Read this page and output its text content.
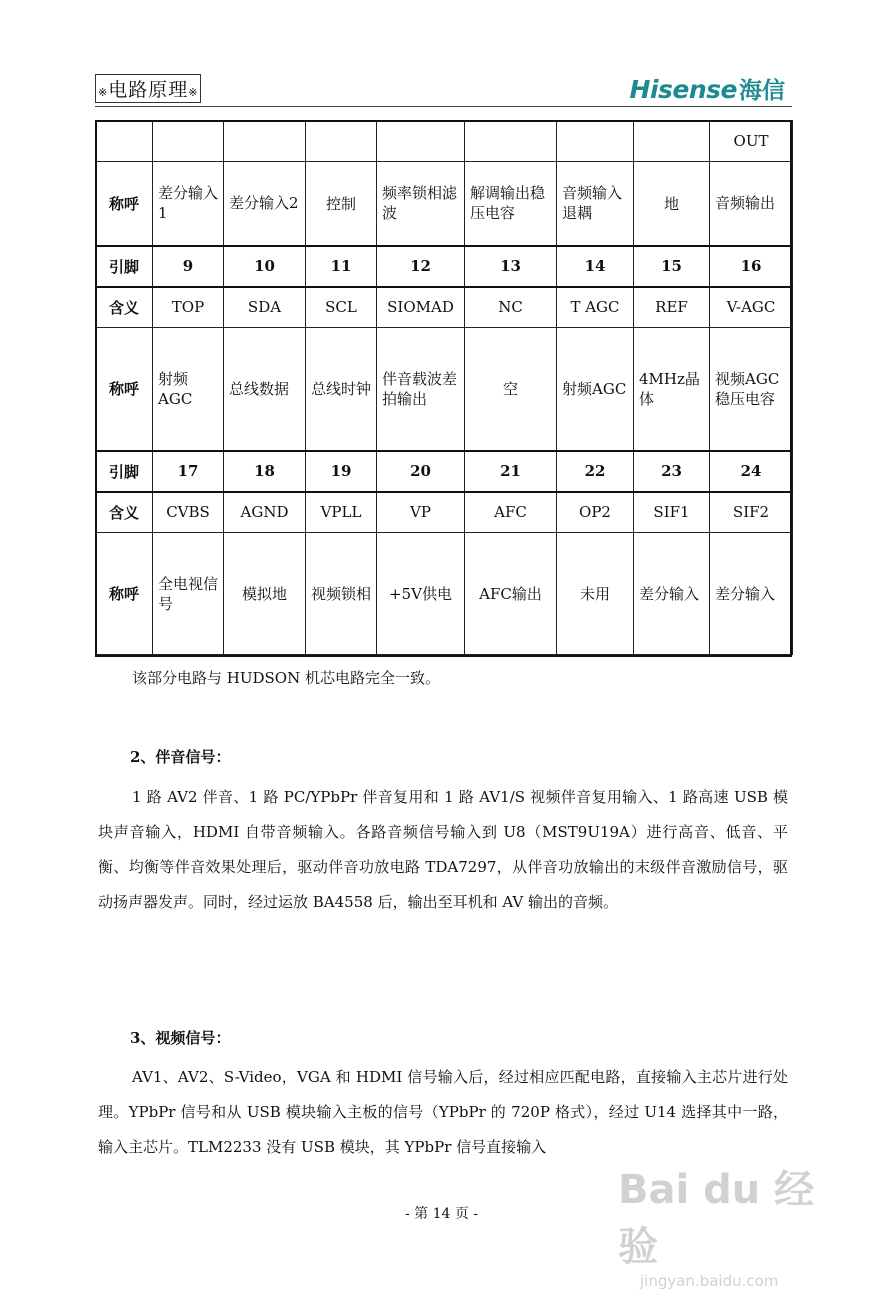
※电路原理※	Hisense 海信
								OUT
称呼	差分输入1	差分输入2	控制	频率锁相滤波	解调输出稳压电容	音频输入退耦	地	音频输出
引脚	9	10	11	12	13	14	15	16
含义	TOP	SDA	SCL	SIOMAD	NC	T AGC	REF	V-AGC
称呼	射频AGC	总线数据	总线时钟	伴音载波差拍输出	空	射频AGC	4MHz晶体	视频AGC稳压电容
引脚	17	18	19	20	21	22	23	24
含义	CVBS	AGND	VPLL	VP	AFC	OP2	SIF1	SIF2
称呼	全电视信号	模拟地	视频锁相	+5V供电	AFC输出	未用	差分输入	差分输入

该部分电路与 HUDSON 机芯电路完全一致。

2、伴音信号：

1 路 AV2 伴音、1 路 PC/YPbPr 伴音复用和 1 路 AV1/S 视频伴音复用输入、1 路高速 USB 模块声音输入，HDMI 自带音频输入。各路音频信号输入到 U8（MST9U19A）进行高音、低音、平衡、均衡等伴音效果处理后，驱动伴音功放电路 TDA7297，从伴音功放输出的末级伴音激励信号，驱动扬声器发声。同时，经过运放 BA4558 后，输出至耳机和 AV 输出的音频。

3、视频信号：

AV1、AV2、S-Video，VGA 和 HDMI 信号输入后，经过相应匹配电路，直接输入主芯片进行处理。YPbPr 信号和从 USB 模块输入主板的信号（YPbPr 的 720P 格式），经过 U14 选择其中一路，输入主芯片。TLM2233 没有 USB 模块，其 YPbPr 信号直接输入

- 第 14 页 -
Bai du 经验
jingyan.baidu.com
